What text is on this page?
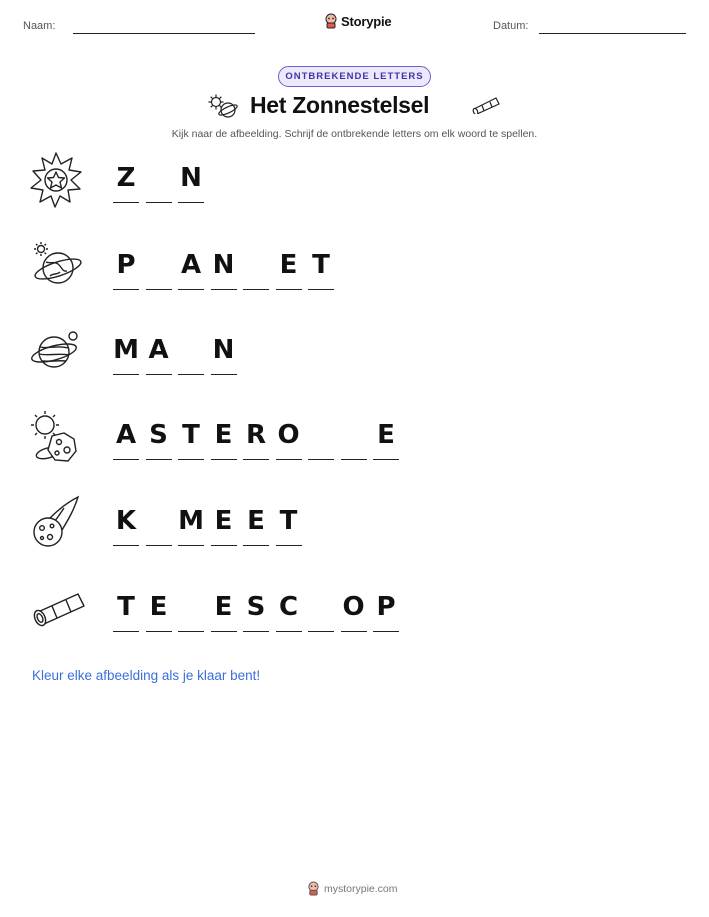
Naam:	Storypie	Datum:
ONTBREKENDE LETTERS
Het Zonnestelsel
Kijk naar de afbeelding. Schrijf de ontbrekende letters om elk woord te spellen.
Z N
P A N E T
M A N
A S T E R O	E
K M E E T
T E E S C O P
Kleur elke afbeelding als je klaar bent!
mystorypie.com
